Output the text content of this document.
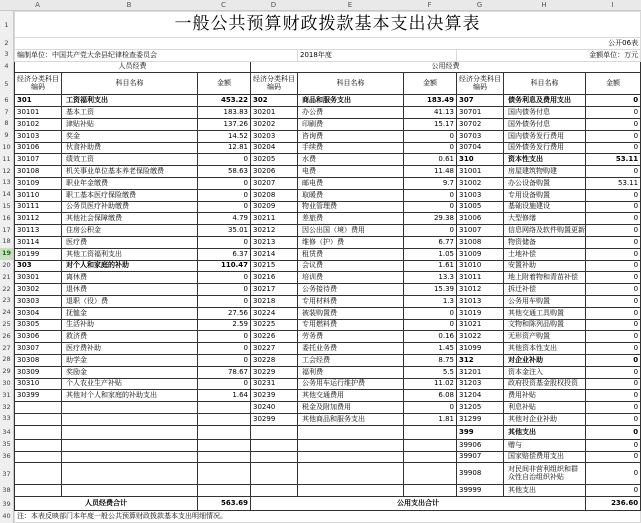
A	B	C	D	E	F	G	H	I
1
2
3
4
5
6
7
8
9
10
11
12
13
14
15
16
17
18
19
20
21
22
23
24
25
26
27
28
29
30
31
32
33
34
35
36
37
38
39
40
一般公共预算财政拨款基本支出决算表								
公开06表								
编制单位：中国共产党大余县纪律检查委员会				2018年度		金额单位：万元		
人员经费			公用经费					
经济分类科目编码	科目名称	金额	经济分类科目编码	科目名称	金额	经济分类科目编码	科目名称	金额
301	工资福利支出	453.22	302	商品和服务支出	183.49	307	债务利息及费用支出	0
30101	基本工资	183.83	30201	办公费	41.13	30701	国内债务付息	0
30102	津贴补贴	137.26	30202	印刷费	15.17	30702	国外债务付息	0
30103	奖金	14.52	30203	咨询费	0	30703	国内债务发行费用	0
30106	伙食补助费	12.81	30204	手续费	0	30704	国外债务发行费用	0
30107	绩效工资	0	30205	水费	0.61	310	资本性支出	53.11
30108	机关事业单位基本养老保险缴费	58.63	30206	电费	11.48	31001	房屋建筑物购建	0
30109	职业年金缴费	0	30207	邮电费	9.7	31002	办公设备购置	53.11
30110	职工基本医疗保险缴费	0	30208	取暖费	0	31003	专用设备购置	0
30111	公务员医疗补助缴费	0	30209	物业管理费	0	31005	基础设施建设	0
30112	其他社会保障缴费	4.79	30211	差旅费	29.38	31006	大型修缮	0
30113	住房公积金	35.01	30212	因公出国（境）费用	0	31007	信息网络及软件购置更新	0
30114	医疗费	0	30213	维修（护）费	6.77	31008	物资储备	0
30199	其他工资福利支出	6.37	30214	租赁费	1.05	31009	土地补偿	0
303	对个人和家庭的补助	110.47	30215	会议费	1.61	31010	安置补助	0
30301	离休费	0	30216	培训费	13.3	31011	地上附着物和青苗补偿	0
30302	退休费	0	30217	公务接待费	15.39	31012	拆迁补偿	0
30303	退职（役）费	0	30218	专用材料费	1.3	31013	公务用车购置	0
30304	抚恤金	27.56	30224	被装购置费	0	31019	其他交通工具购置	0
30305	生活补助	2.59	30225	专用燃料费	0	31021	文物和陈列品购置	0
30306	救济费	0	30226	劳务费	0.16	31022	无形资产购置	0
30307	医疗费补助	0	30227	委托业务费	1.45	31099	其他资本性支出	0
30308	助学金	0	30228	工会经费	8.75	312	对企业补助	0
30309	奖励金	78.67	30229	福利费	5.5	31201	资本金注入	0
30310	个人农业生产补贴	0	30231	公务用车运行维护费	11.02	31203	政府投资基金股权投资	0
30399	其他对个人和家庭的补助支出	1.64	30239	其他交通费用	6.08	31204	费用补贴	0
			30240	税金及附加费用	0	31205	利息补贴	0
			30299	其他商品和服务支出	1.81	31299	其他对企业补助	0
						399	其他支出	0
						39906	赠与	0
						39907	国家赔偿费用支出	0
						39908	对民间非营利组织和群众性自治组织补贴	0
						39999	其他支出	0
人员经费合计		563.69	公用支出合计					236.60
注：本表反映部门本年度一般公共预算财政拨款基本支出明细情况。								
